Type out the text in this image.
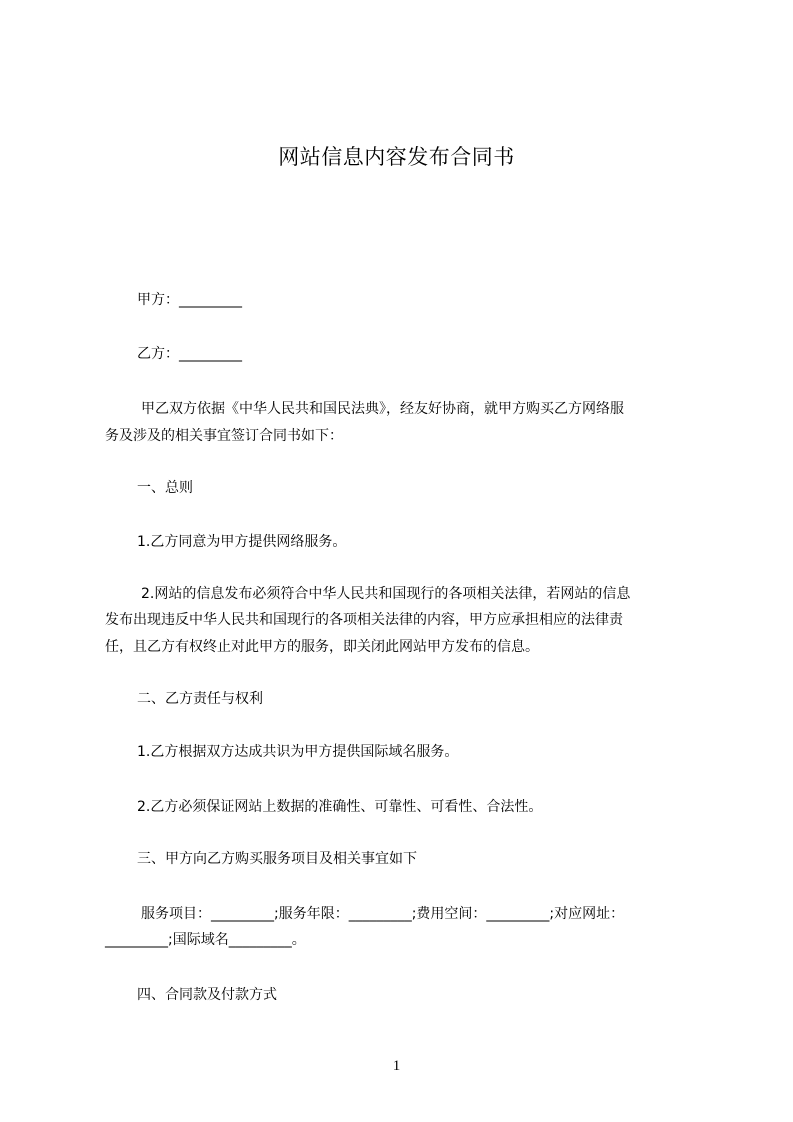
网站信息内容发布合同书
甲方：_________
乙方：_________
甲乙双方依据《中华人民共和国民法典》，经友好协商，就甲方购买乙方网络服
务及涉及的相关事宜签订合同书如下：
一、总则
1.乙方同意为甲方提供网络服务。
2.网站的信息发布必须符合中华人民共和国现行的各项相关法律，若网站的信息
发布出现违反中华人民共和国现行的各项相关法律的内容，甲方应承担相应的法律责
任，且乙方有权终止对此甲方的服务，即关闭此网站甲方发布的信息。
二、乙方责任与权利
1.乙方根据双方达成共识为甲方提供国际域名服务。
2.乙方必须保证网站上数据的准确性、可靠性、可看性、合法性。
三、甲方向乙方购买服务项目及相关事宜如下
服务项目：_________;服务年限：_________;费用空间：_________;对应网址：
_________;国际域名_________。
四、合同款及付款方式
1
